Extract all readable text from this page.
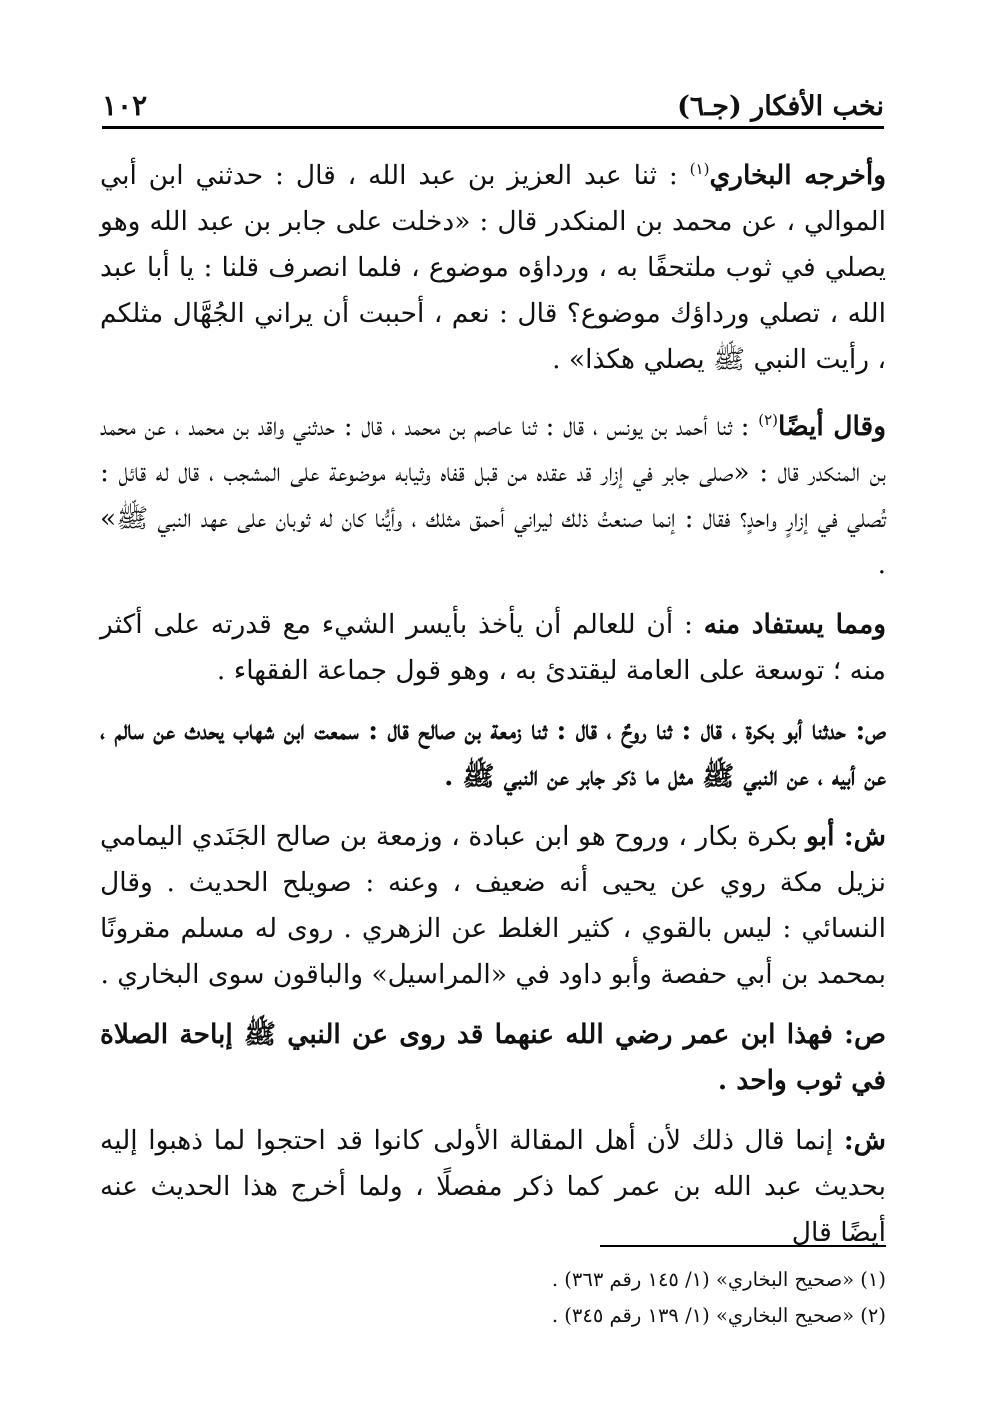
١٠٢	نخب الأفكار (جـ٦)

وأخرجه البخاري$^{(١)}$ : ثنا عبد العزيز بن عبد الله ، قال : حدثني ابن أبي الموالي ، عن محمد بن المنكدر قال : «دخلت على جابر بن عبد الله وهو يصلي في ثوب ملتحفًا به ، ورداؤه موضوع ، فلما انصرف قلنا : يا أبا عبد الله ، تصلي ورداؤك موضوع؟ قال : نعم ، أحببت أن يراني الجُهَّال مثلكم ، رأيت النبي ﷺ يصلي هكذا» .

وقال أيضًا$^{(٢)}$ : ثنا أحمد بن يونس ، قال : ثنا عاصم بن محمد ، قال : حدثني واقد بن محمد ، عن محمد بن المنكدر قال : «صلى جابر في إزار قد عقده من قبل قفاه وثيابه موضوعة على المشجب ، قال له قائل : تُصلي في إزارٍ واحدٍ؟ فقال : إنما صنعتُ ذلك ليراني أحمق مثلك ، وأيُّنا كان له ثوبان على عهد النبي ﷺ» .

ومما يستفاد منه : أن للعالم أن يأخذ بأيسر الشيء مع قدرته على أكثر منه ؛ توسعة على العامة ليقتدئ به ، وهو قول جماعة الفقهاء .

ص: حدثنا أبو بكرة ، قال : ثنا روحٌ ، قال : ثنا زمعة بن صالح قال : سمعت ابن شهاب يحدث عن سالم ، عن أبيه ، عن النبي ﷺ مثل ما ذكر جابر عن النبي ﷺ .

ش: أبو بكرة بكار ، وروح هو ابن عبادة ، وزمعة بن صالح الجَنَدي اليمامي نزيل مكة روي عن يحيى أنه ضعيف ، وعنه : صويلح الحديث . وقال النسائي : ليس بالقوي ، كثير الغلط عن الزهري . روى له مسلم مقرونًا بمحمد بن أبي حفصة وأبو داود في «المراسيل» والباقون سوى البخاري .

ص: فهذا ابن عمر رضي الله عنهما قد روى عن النبي ﷺ إباحة الصلاة في ثوب واحد .

ش: إنما قال ذلك لأن أهل المقالة الأولى كانوا قد احتجوا لما ذهبوا إليه بحديث عبد الله بن عمر كما ذكر مفصلًا ، ولما أخرج هذا الحديث عنه أيضًا قال

(١) «صحيح البخاري» (١/ ١٤٥ رقم ٣٦٣) .
(٢) «صحيح البخاري» (١/ ١٣٩ رقم ٣٤٥) .
